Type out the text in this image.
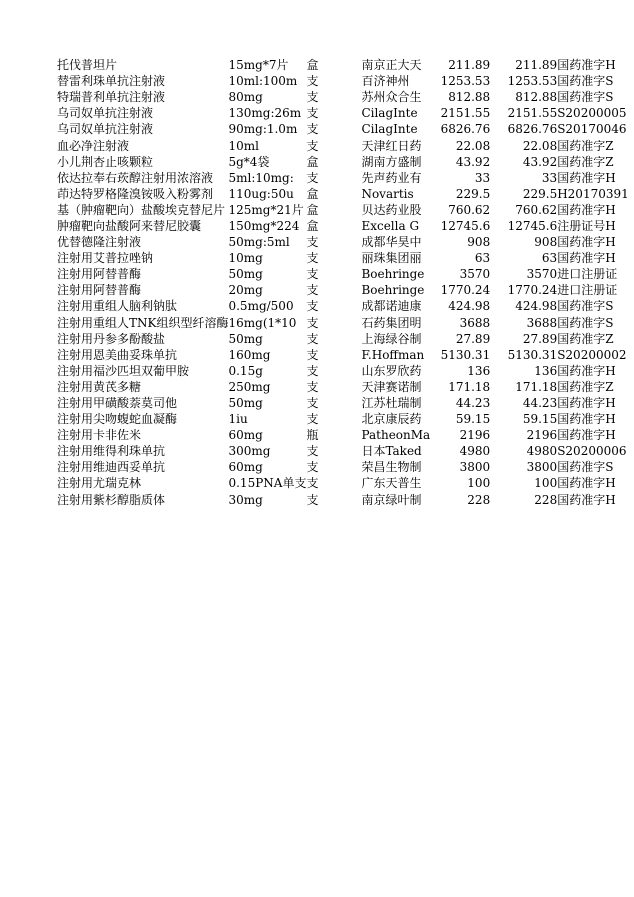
托伐普坦片	15mg*7片	盒	南京正大天	211.89	211.89	国药准字H
替雷利珠单抗注射液	10ml:100m	支	百济神州	1253.53	1253.53	国药准字S
特瑞普利单抗注射液	80mg	支	苏州众合生	812.88	812.88	国药准字S
乌司奴单抗注射液	130mg:26m	支	CilagInte	2151.55	2151.55	S20200005
乌司奴单抗注射液	90mg:1.0m	支	CilagInte	6826.76	6826.76	S20170046
血必净注射液	10ml	支	天津红日药	22.08	22.08	国药准字Z
小儿荆杏止咳颗粒	5g*4袋	盒	湖南方盛制	43.92	43.92	国药准字Z
依达拉奉右莰醇注射用浓溶液	5ml:10mg:	支	先声药业有	33	33	国药准字H
茚达特罗格隆溴铵吸入粉雾剂	110ug:50u	盒	Novartis	229.5	229.5	H20170391
基（肿瘤靶向）盐酸埃克替尼片	125mg*21片	盒	贝达药业股	760.62	760.62	国药准字H
肿瘤靶向盐酸阿来替尼胶囊	150mg*224	盒	Excella G	12745.6	12745.6	注册证号H
优替德隆注射液	50mg:5ml	支	成都华昊中	908	908	国药准字H
注射用艾普拉唑钠	10mg	支	丽珠集团丽	63	63	国药准字H
注射用阿替普酶	50mg	支	Boehringe	3570	3570	进口注册证
注射用阿替普酶	20mg	支	Boehringe	1770.24	1770.24	进口注册证
注射用重组人脑利钠肽	0.5mg/500	支	成都诺迪康	424.98	424.98	国药准字S
注射用重组人TNK组织型纤溶酶	16mg(1*10	支	石药集团明	3688	3688	国药准字S
注射用丹参多酚酸盐	50mg	支	上海绿谷制	27.89	27.89	国药准字Z
注射用恩美曲妥珠单抗	160mg	支	F.Hoffman	5130.31	5130.31	S20200002
注射用福沙匹坦双葡甲胺	0.15g	支	山东罗欣药	136	136	国药准字H
注射用黄芪多糖	250mg	支	天津赛诺制	171.18	171.18	国药准字Z
注射用甲磺酸萘莫司他	50mg	支	江苏杜瑞制	44.23	44.23	国药准字H
注射用尖吻蝮蛇血凝酶	1iu	支	北京康辰药	59.15	59.15	国药准字H
注射用卡非佐米	60mg	瓶	PatheonMa	2196	2196	国药准字H
注射用维得利珠单抗	300mg	支	日本Taked	4980	4980	S20200006
注射用维迪西妥单抗	60mg	支	荣昌生物制	3800	3800	国药准字S
注射用尤瑞克林	0.15PNA单支	支	广东天普生	100	100	国药准字H
注射用紫杉醇脂质体	30mg	支	南京绿叶制	228	228	国药准字H
